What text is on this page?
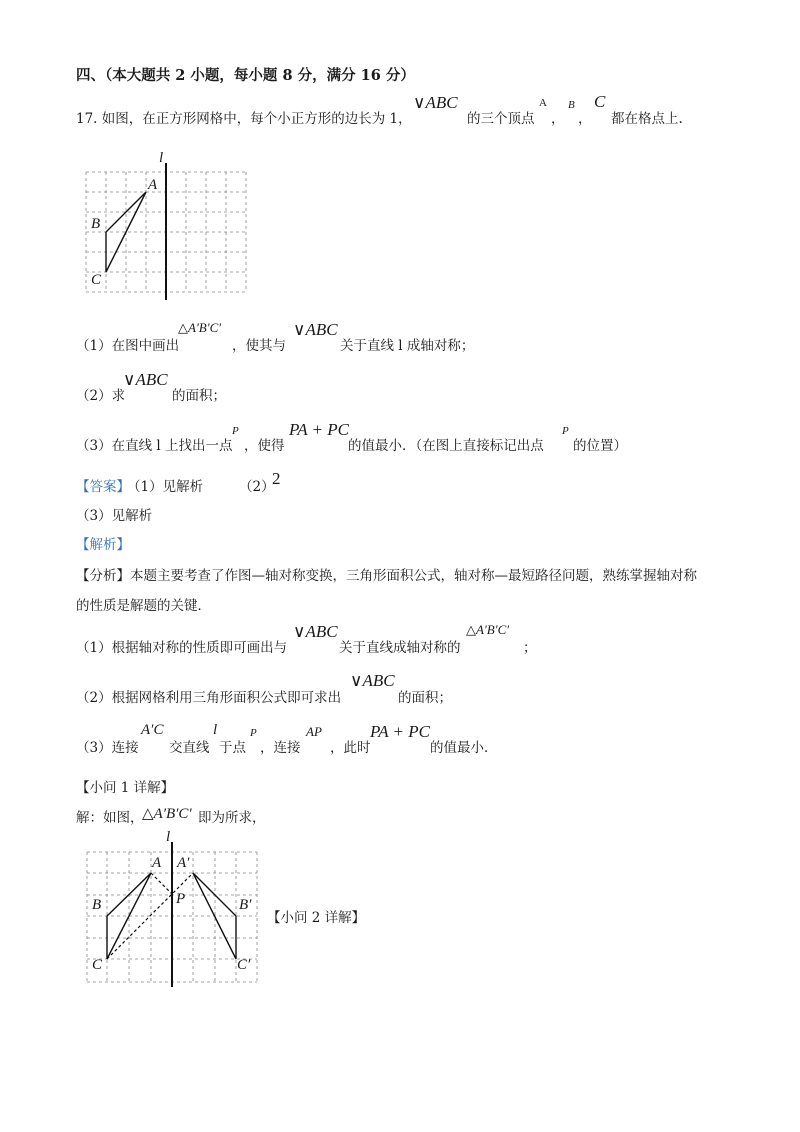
四、（本大题共 2 小题，每小题 8 分，满分 16 分）
17. 如图，在正方形网格中，每个小正方形的边长为 1，
∨ABC
的三个顶点
A
，
B
，
C
都在格点上.
l
A
B
C
（1）在图中画出
△A′B′C′
，使其与
∨ABC
关于直线 l 成轴对称；
（2）求
∨ABC
的面积；
（3）在直线 l 上找出一点
P
，使得
PA + PC
的值最小．（在图上直接标记出点
P
的位置）
【答案】
（1）见解析	（2）
2
（3）见解析
【解析】
【分析】本题主要考查了作图—轴对称变换，三角形面积公式，轴对称—最短路径问题，熟练掌握轴对称
的性质是解题的关键．
（1）根据轴对称的性质即可画出与
∨ABC
关于直线成轴对称的
△A′B′C′
；
（2）根据网格利用三角形面积公式即可求出
∨ABC
的面积；
（3）连接
A′C
交直线
l
于点
P
，连接
AP
，此时
PA + PC
的值最小．
【小问 1 详解】
解：如图，
△A′B′C′ 即为所求，
l
A A′
P
B	B′
C	C′
【小问 2 详解】
